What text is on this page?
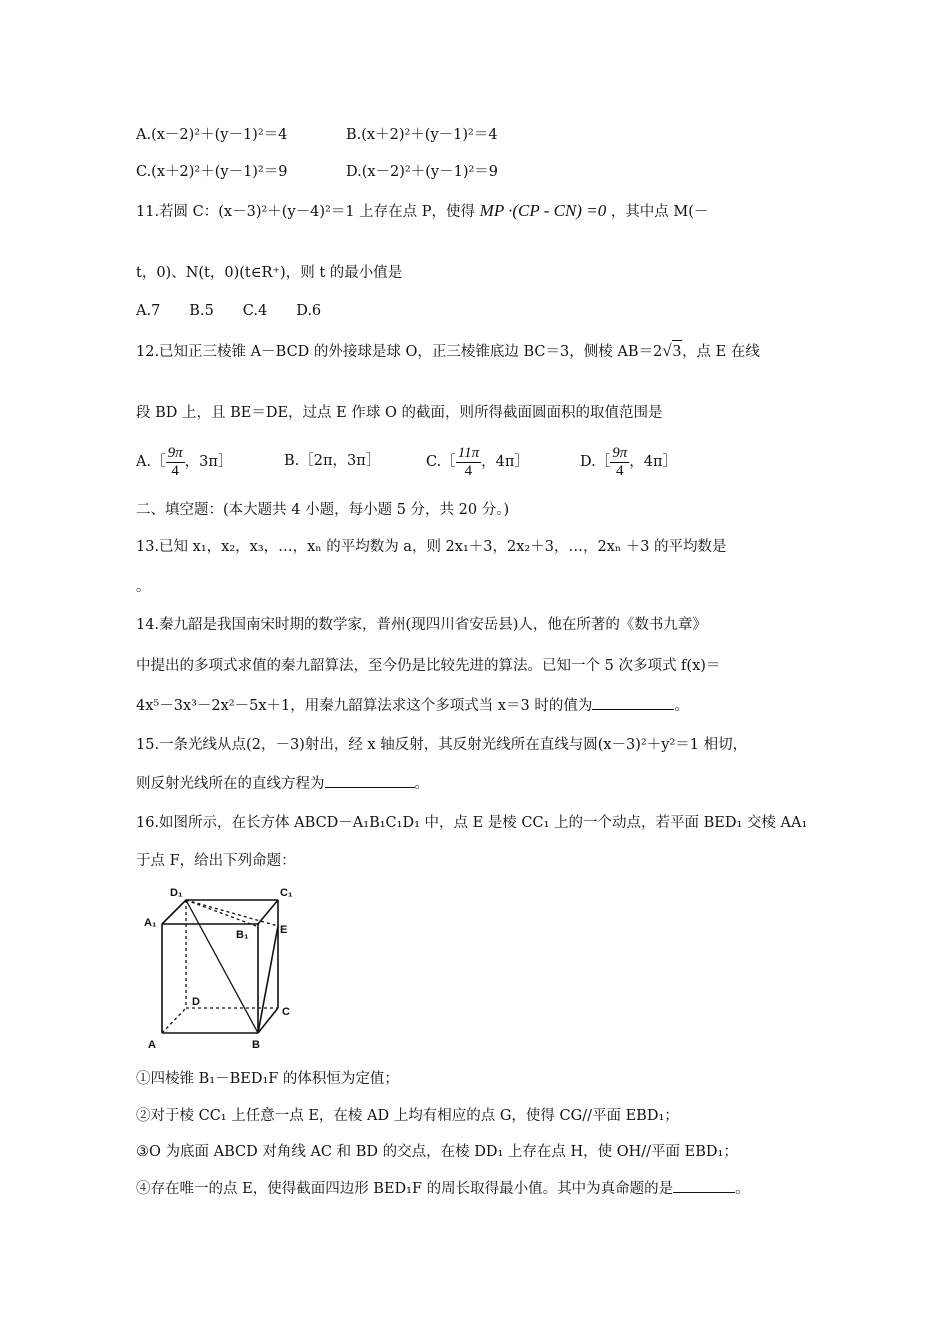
A.(x－2)²＋(y－1)²＝4	B.(x＋2)²＋(y－1)²＝4
C.(x＋2)²＋(y－1)²＝9	D.(x－2)²＋(y－1)²＝9
11.若圆 C：(x－3)²＋(y－4)²＝1 上存在点 P，使得 MP ·(CP - CN) =0 ，其中点 M(－
t，0)、N(t，0)(t∈R⁺)，则 t 的最小值是
A.7　　B.5　　C.4　　D.6
12.已知正三棱锥 A－BCD 的外接球是球 O，正三棱锥底边 BC＝3，侧棱 AB＝2√3，点 E 在线
段 BD 上，且 BE＝DE，过点 E 作球 O 的截面，则所得截面圆面积的取值范围是
A.［ $\frac{9\pi}{4}$ ，3π］	B.［2π，3π］	C.［ $\frac{11\pi}{4}$ ，4π］	D.［ $\frac{9\pi}{4}$ ，4π］
二、填空题：(本大题共 4 小题，每小题 5 分，共 20 分。)
13.已知 x₁，x₂，x₃，…，xₙ 的平均数为 a，则 2x₁＋3，2x₂＋3，…，2xₙ ＋3 的平均数是
。
14.秦九韶是我国南宋时期的数学家，普州(现四川省安岳县)人，他在所著的《数书九章》
中提出的多项式求值的秦九韶算法，至今仍是比较先进的算法。已知一个 5 次多项式 f(x)＝
4x⁵－3x³－2x²－5x＋1，用秦九韶算法求这个多项式当 x＝3 时的值为	。
15.一条光线从点(2，－3)射出，经 x 轴反射，其反射光线所在直线与圆(x－3)²＋y²＝1 相切，
则反射光线所在的直线方程为	。
16.如图所示，在长方体 ABCD－A₁B₁C₁D₁ 中，点 E 是棱 CC₁ 上的一个动点，若平面 BED₁ 交棱 AA₁
于点 F，给出下列命题：
D₁	C₁
A₁
B₁	E
D
C
A	B
①四棱锥 B₁－BED₁F 的体积恒为定值；
②对于棱 CC₁ 上任意一点 E，在棱 AD 上均有相应的点 G，使得 CG//平面 EBD₁；
③O 为底面 ABCD 对角线 AC 和 BD 的交点，在棱 DD₁ 上存在点 H，使 OH//平面 EBD₁；
④存在唯一的点 E，使得截面四边形 BED₁F 的周长取得最小值。其中为真命题的是	。
